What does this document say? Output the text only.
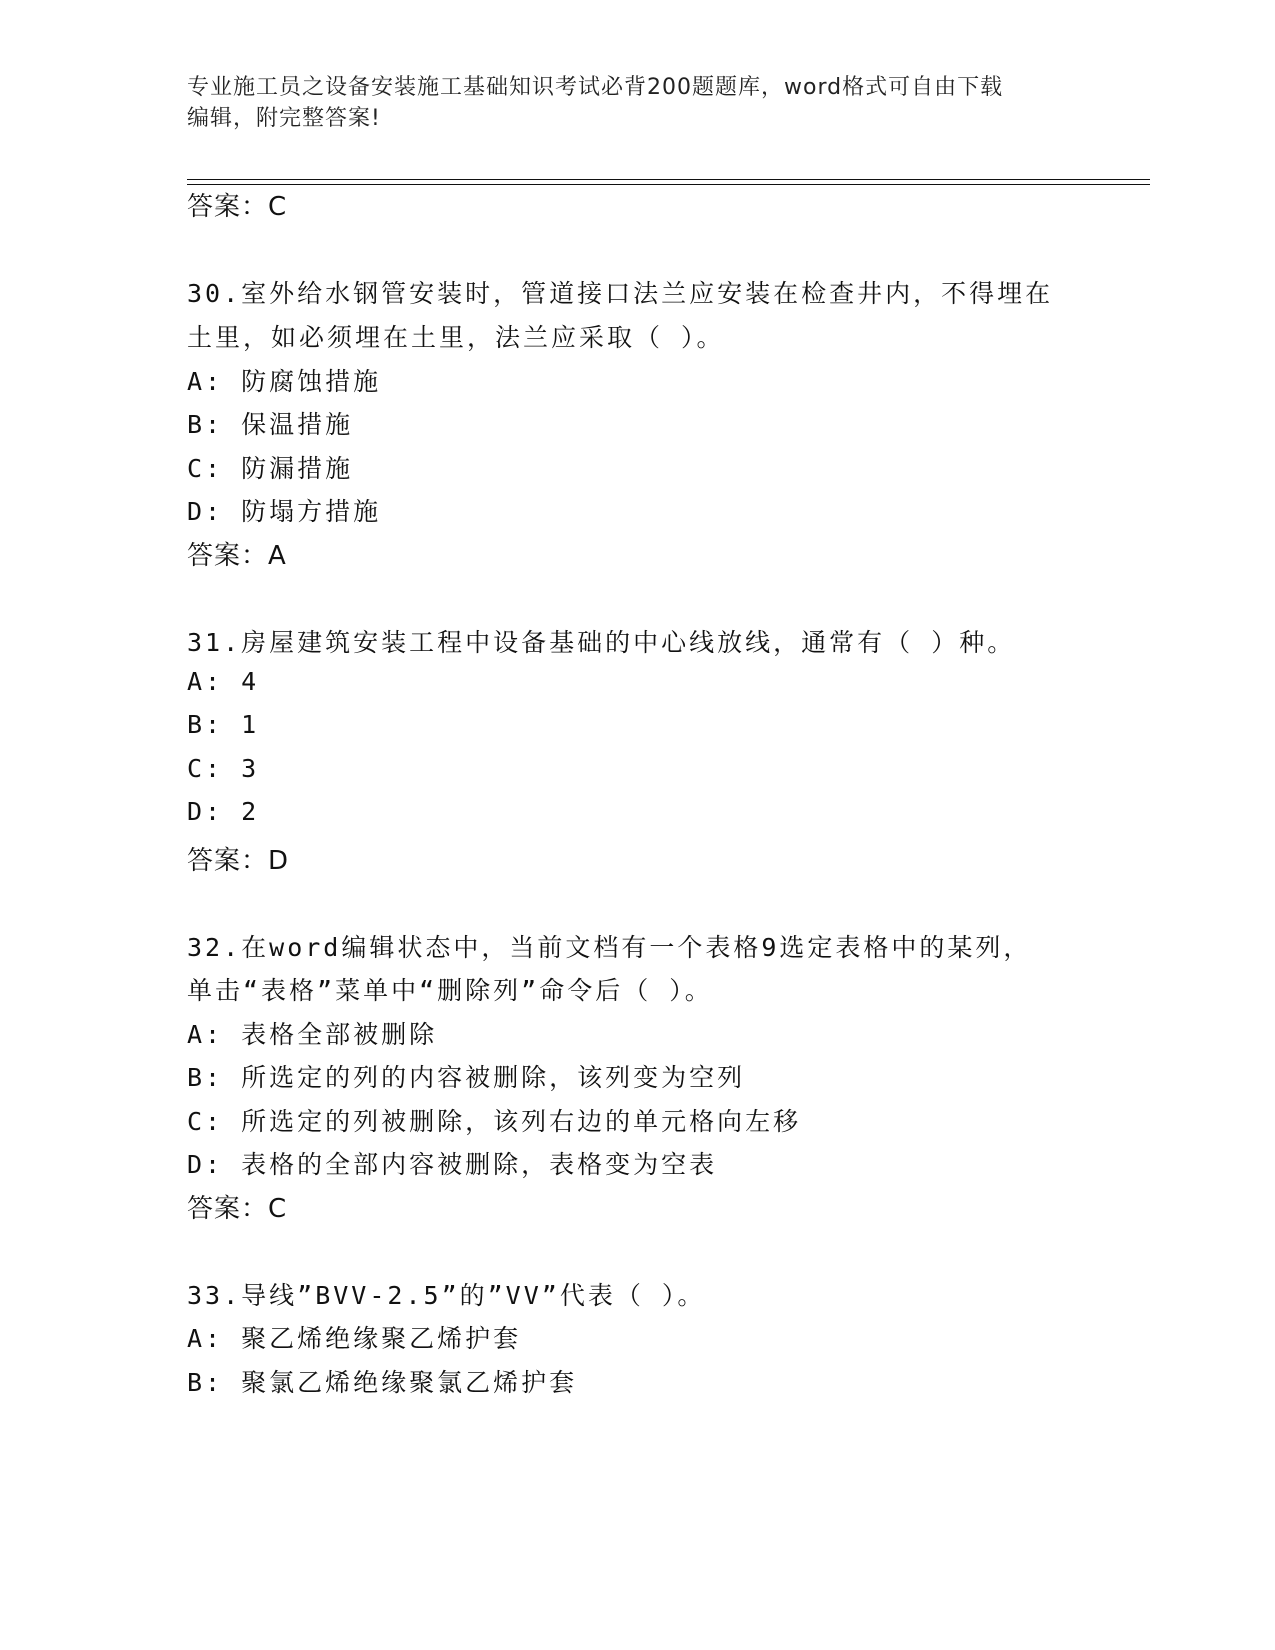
专业施工员之设备安装施工基础知识考试必背200题题库，word格式可自由下载
编辑，附完整答案!
答案：C
30.室外给水钢管安装时，管道接口法兰应安装在检查井内，不得埋在
土里，如必须埋在土里，法兰应采取（ ）。
A: 防腐蚀措施
B: 保温措施
C: 防漏措施
D: 防塌方措施
答案：A
31.房屋建筑安装工程中设备基础的中心线放线，通常有（ ）种。
A: 4
B: 1
C: 3
D: 2
答案：D
32.在word编辑状态中，当前文档有一个表格9选定表格中的某列，
单击“表格”菜单中“删除列”命令后（ ）。
A: 表格全部被删除
B: 所选定的列的内容被删除，该列变为空列
C: 所选定的列被删除，该列右边的单元格向左移
D: 表格的全部内容被删除，表格变为空表
答案：C
33.导线”BVV-2.5”的”VV”代表（ ）。
A: 聚乙烯绝缘聚乙烯护套
B: 聚氯乙烯绝缘聚氯乙烯护套
